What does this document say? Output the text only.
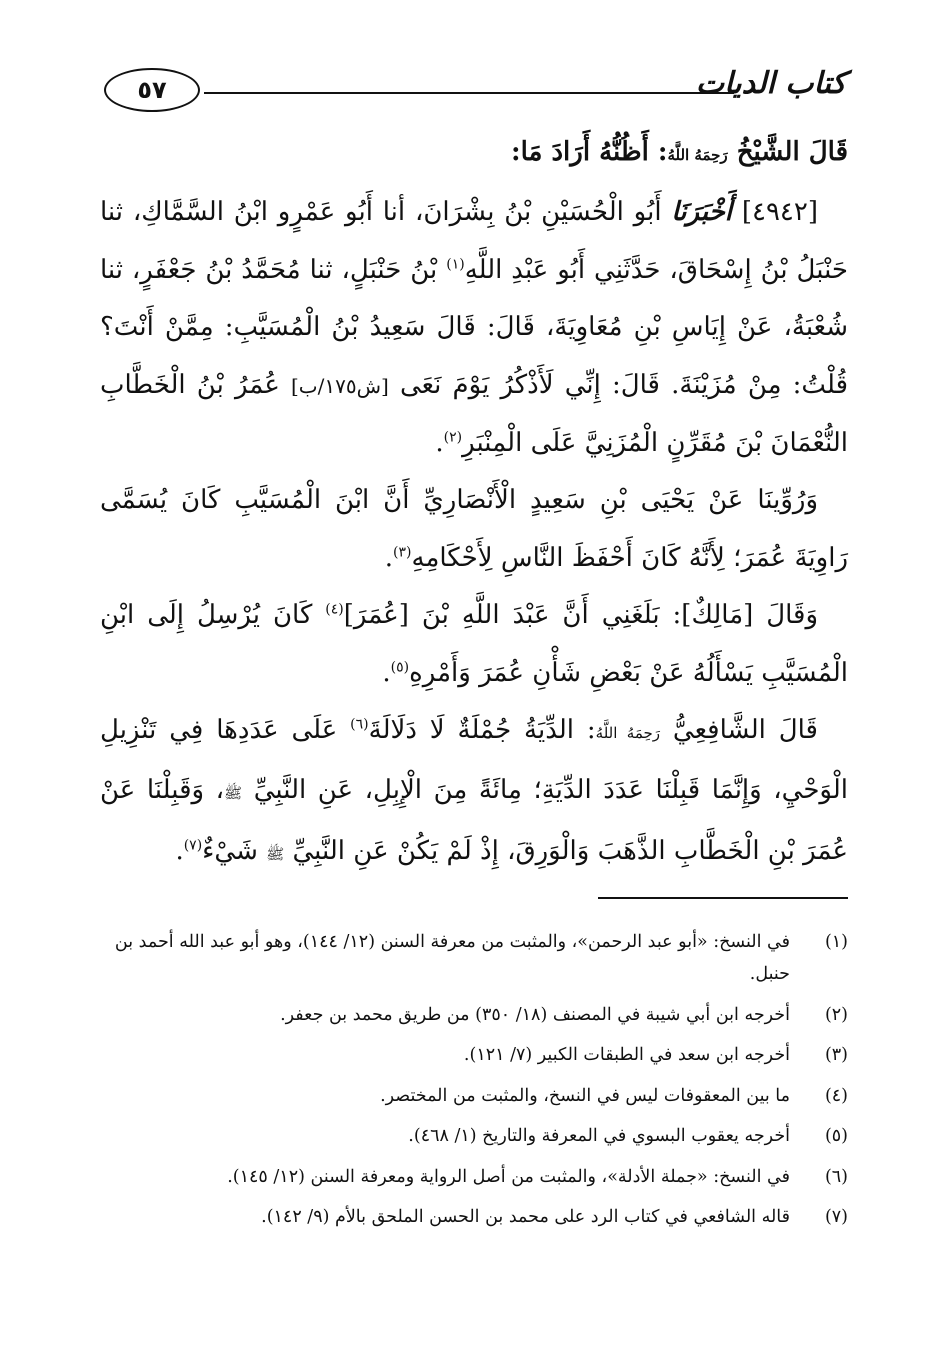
٥٧	كتاب الديات

قَالَ الشَّيْخُ رَحِمَهُ اللَّهُ: أَظُنُّهُ أَرَادَ مَا:

[٤٩٤٢] أَخْبَرَنَا أَبُو الْحُسَيْنِ بْنُ بِشْرَانَ، أنا أَبُو عَمْرٍو ابْنُ السَّمَّاكِ، ثنا حَنْبَلُ بْنُ إِسْحَاقَ، حَدَّثَنِي أَبُو عَبْدِ اللَّهِ$^{(١)}$ بْنُ حَنْبَلٍ، ثنا مُحَمَّدُ بْنُ جَعْفَرٍ، ثنا شُعْبَةُ، عَنْ إِيَاسِ بْنِ مُعَاوِيَةَ، قَالَ: قَالَ سَعِيدُ بْنُ الْمُسَيَّبِ: مِمَّنْ أَنْتَ؟ قُلْتُ: مِنْ مُزَيْنَةَ. قَالَ: إِنِّي لَأَذْكُرُ يَوْمَ نَعَى [ش١٧٥/ب] عُمَرُ بْنُ الْخَطَّابِ النُّعْمَانَ بْنَ مُقَرِّنٍ الْمُزَنِيَّ عَلَى الْمِنْبَرِ$^{(٢)}$.

وَرُوِّينَا عَنْ يَحْيَى بْنِ سَعِيدٍ الْأَنْصَارِيِّ أَنَّ ابْنَ الْمُسَيَّبِ كَانَ يُسَمَّى رَاوِيَةَ عُمَرَ؛ لِأَنَّهُ كَانَ أَحْفَظَ النَّاسِ لِأَحْكَامِهِ$^{(٣)}$.

وَقَالَ [مَالِكٌ]: بَلَغَنِي أَنَّ عَبْدَ اللَّهِ بْنَ [عُمَرَ]$^{(٤)}$ كَانَ يُرْسِلُ إِلَى ابْنِ الْمُسَيَّبِ يَسْأَلُهُ عَنْ بَعْضِ شَأْنِ عُمَرَ وَأَمْرِهِ$^{(٥)}$.

قَالَ الشَّافِعِيُّ رَحِمَهُ اللَّهُ: الدِّيَةُ جُمْلَةٌ لَا دَلَالَةَ$^{(٦)}$ عَلَى عَدَدِهَا فِي تَنْزِيلِ الْوَحْيِ، وَإِنَّمَا قَبِلْنَا عَدَدَ الدِّيَةِ؛ مِائَةً مِنَ الْإِبِلِ، عَنِ النَّبِيِّ ﷺ، وَقَبِلْنَا عَنْ عُمَرَ بْنِ الْخَطَّابِ الذَّهَبَ وَالْوَرِقَ، إِذْ لَمْ يَكُنْ عَنِ النَّبِيِّ ﷺ شَيْءٌ$^{(٧)}$.

(١)
في النسخ: «أبو عبد الرحمن»، والمثبت من معرفة السنن (١٢/ ١٤٤)، وهو أبو عبد الله أحمد بن حنبل.
(٢)
أخرجه ابن أبي شيبة في المصنف (١٨/ ٣٥٠) من طريق محمد بن جعفر.
(٣)
أخرجه ابن سعد في الطبقات الكبير (٧/ ١٢١).
(٤)
ما بين المعقوفات ليس في النسخ، والمثبت من المختصر.
(٥)
أخرجه يعقوب البسوي في المعرفة والتاريخ (١/ ٤٦٨).
(٦)
في النسخ: «جملة الأدلة»، والمثبت من أصل الرواية ومعرفة السنن (١٢/ ١٤٥).
(٧)
قاله الشافعي في كتاب الرد على محمد بن الحسن الملحق بالأم (٩/ ١٤٢).
